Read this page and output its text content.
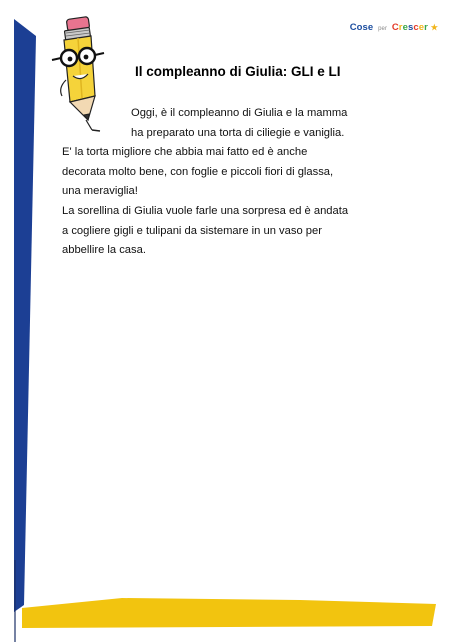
Cose per Crescer ★
Il compleanno di Giulia: GLI e LI
Oggi, è il compleanno di Giulia e la mamma
ha preparato una torta di ciliegie e vaniglia.
E' la torta migliore che abbia mai fatto ed è anche
decorata molto bene, con foglie e piccoli fiori di glassa,
una meraviglia!
La sorellina di Giulia vuole farle una sorpresa ed è andata
a cogliere gigli e tulipani da sistemare in un vaso per
abbellire la casa.
